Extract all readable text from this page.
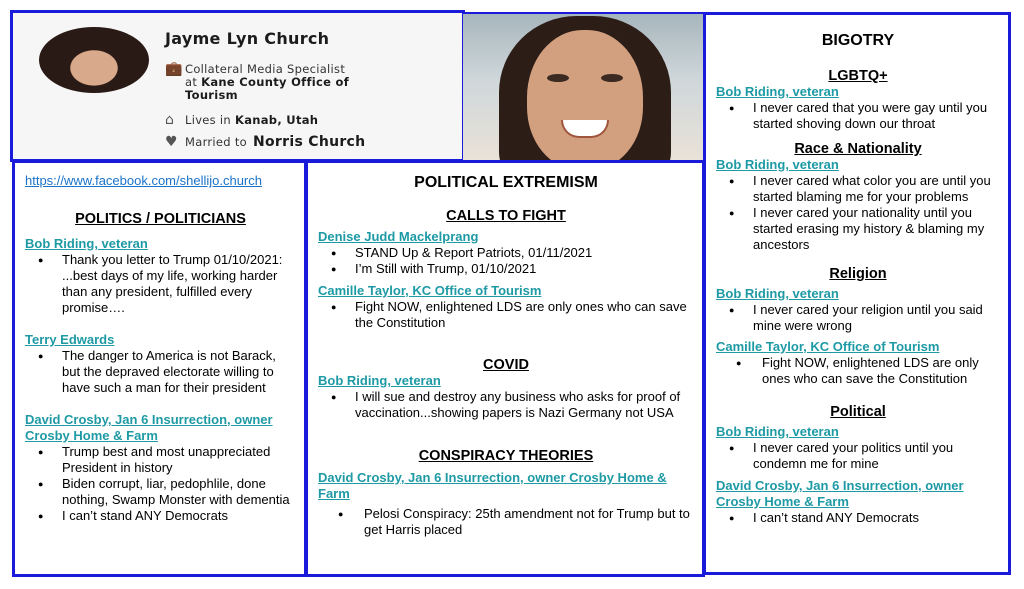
Jayme Lyn Church
💼 Collateral Media Specialist
at Kane County Office of
Tourism
⌂ Lives in Kanab, Utah
♥ Married to Norris Church
https://www.facebook.com/shellijo.church
POLITICS / POLITICIANS
Bob Riding, veteran
● Thank you letter to Trump 01/10/2021: ...best days of my life, working harder than any president, fulfilled every promise….
Terry Edwards
● The danger to America is not Barack, but the depraved electorate willing to have such a man for their president
David Crosby, Jan 6 Insurrection, owner Crosby Home & Farm
● Trump best and most unappreciated President in history
● Biden corrupt, liar, pedophlile, done nothing, Swamp Monster with dementia
● I can’t stand ANY Democrats
POLITICAL EXTREMISM
CALLS TO FIGHT
Denise Judd Mackelprang
● STAND Up & Report Patriots, 01/11/2021
● I’m Still with Trump, 01/10/2021
Camille Taylor, KC Office of Tourism
● Fight NOW, enlightened LDS are only ones who can save the Constitution
COVID
Bob Riding, veteran
● I will sue and destroy any business who asks for proof of vaccination...showing papers is Nazi Germany not USA
CONSPIRACY THEORIES
David Crosby, Jan 6 Insurrection, owner Crosby Home & Farm
● Pelosi Conspiracy: 25th amendment not for Trump but to get Harris placed
BIGOTRY
LGBTQ+
Bob Riding, veteran
● I never cared that you were gay until you started shoving down our throat
Race & Nationality
Bob Riding, veteran
● I never cared what color you are until you started blaming me for your problems
● I never cared your nationality until you started erasing my history & blaming my ancestors
Religion
Bob Riding, veteran
● I never cared your religion until you said mine were wrong
Camille Taylor, KC Office of Tourism
● Fight NOW, enlightened LDS are only ones who can save the Constitution
Political
Bob Riding, veteran
● I never cared your politics until you condemn me for mine
David Crosby, Jan 6 Insurrection, owner Crosby Home & Farm
● I can’t stand ANY Democrats
